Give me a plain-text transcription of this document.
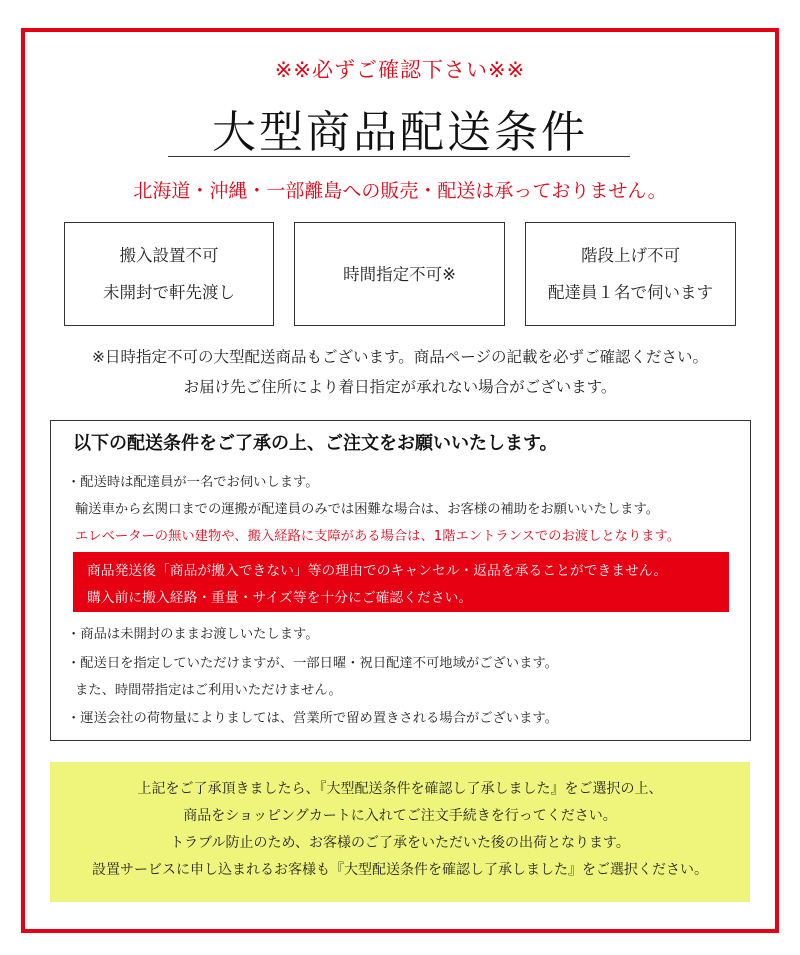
※※必ずご確認下さい※※
大型商品配送条件
北海道・沖縄・一部離島への販売・配送は承っておりません。
搬入設置不可
未開封で軒先渡し
時間指定不可※
階段上げ不可
配達員１名で伺います
※日時指定不可の大型配送商品もございます。商品ページの記載を必ずご確認ください。
お届け先ご住所により着日指定が承れない場合がございます。
以下の配送条件をご了承の上、ご注文をお願いいたします。
・配送時は配達員が一名でお伺いします。
輸送車から玄関口までの運搬が配達員のみでは困難な場合は、お客様の補助をお願いいたします。
エレベーターの無い建物や、搬入経路に支障がある場合は、1階エントランスでのお渡しとなります。
商品発送後「商品が搬入できない」等の理由でのキャンセル・返品を承ることができません。
購入前に搬入経路・重量・サイズ等を十分にご確認ください。
・商品は未開封のままお渡しいたします。
・配送日を指定していただけますが、一部日曜・祝日配達不可地域がございます。
また、時間帯指定はご利用いただけません。
・運送会社の荷物量によりましては、営業所で留め置きされる場合がございます。
上記をご了承頂きましたら、『大型配送条件を確認し了承しました』をご選択の上、
商品をショッピングカートに入れてご注文手続きを行ってください。
トラブル防止のため、お客様のご了承をいただいた後の出荷となります。
設置サービスに申し込まれるお客様も『大型配送条件を確認し了承しました』をご選択ください。
